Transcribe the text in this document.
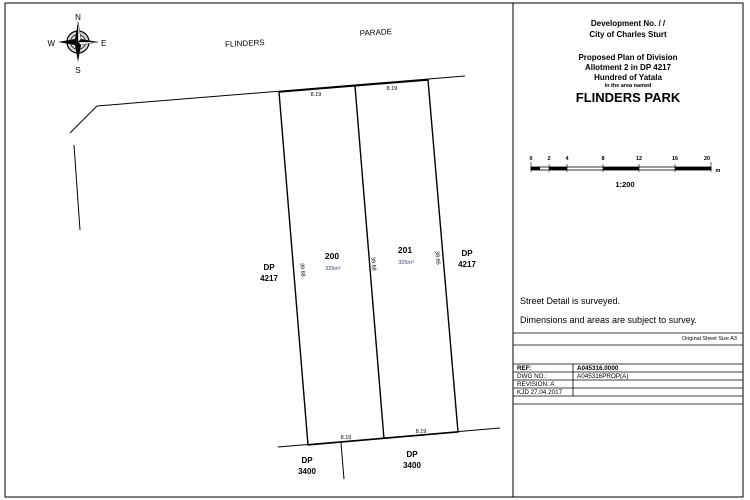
N
S
E
W	FLINDERS
PARADE
8.19
8.19
8.19
8.19
39.68	39.68	39.65
200
325m²
201
325m²
DP
4217
DP
4217
DP
3400
DP
3400
0	2	4	8	12	16	20
m
Development No. / /
City of Charles Sturt
Proposed Plan of Division
Allotment 2 in DP 4217
Hundred of Yatala
in the area named
FLINDERS PARK
1:200
Street Detail is surveyed.
Dimensions and areas are subject to survey.
Original Sheet Size A3
REF:	A045316.0000
DWG NO.:	A045316PROP(A)
REVISION: A
KJD 27.04.2017
